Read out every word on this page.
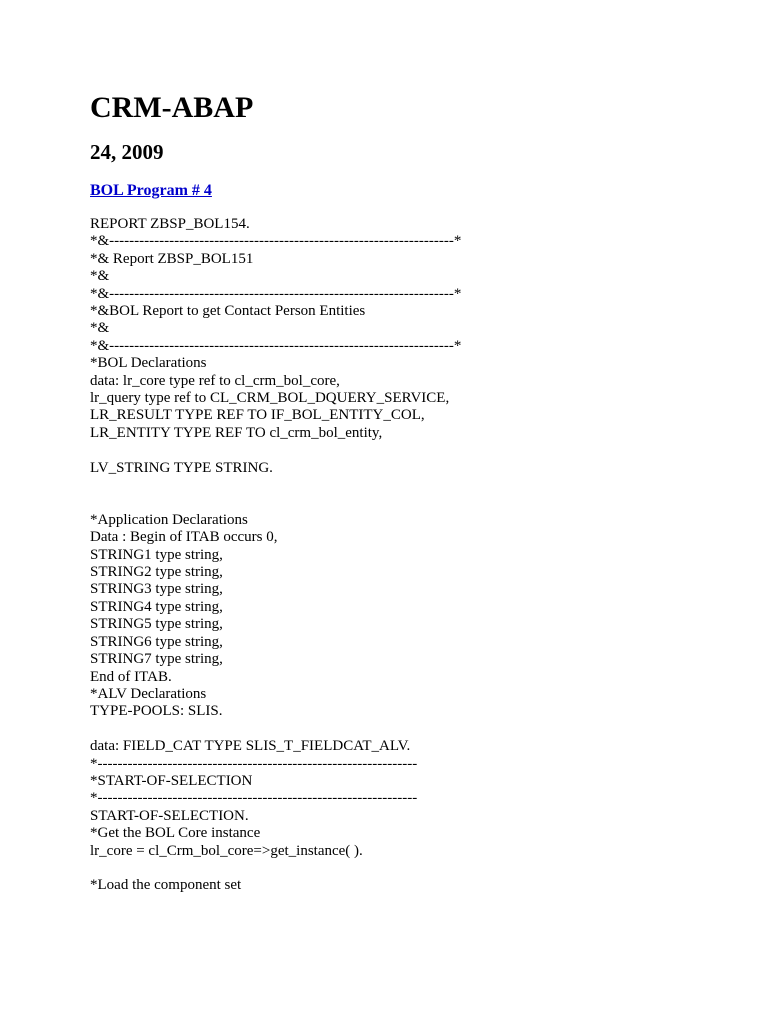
CRM-ABAP
24, 2009
BOL Program # 4
REPORT ZBSP_BOL154.
*&---------------------------------------------------------------------*
*& Report ZBSP_BOL151
*&
*&---------------------------------------------------------------------*
*&BOL Report to get Contact Person Entities
*&
*&---------------------------------------------------------------------*
*BOL Declarations
data: lr_core type ref to cl_crm_bol_core,
lr_query type ref to CL_CRM_BOL_DQUERY_SERVICE,
LR_RESULT TYPE REF TO IF_BOL_ENTITY_COL,
LR_ENTITY TYPE REF TO cl_crm_bol_entity,
LV_STRING TYPE STRING.
*Application Declarations
Data : Begin of ITAB occurs 0,
STRING1 type string,
STRING2 type string,
STRING3 type string,
STRING4 type string,
STRING5 type string,
STRING6 type string,
STRING7 type string,
End of ITAB.
*ALV Declarations
TYPE-POOLS: SLIS.
data: FIELD_CAT TYPE SLIS_T_FIELDCAT_ALV.
*----------------------------------------------------------------
*START-OF-SELECTION
*----------------------------------------------------------------
START-OF-SELECTION.
*Get the BOL Core instance
lr_core = cl_Crm_bol_core=>get_instance( ).
*Load the component set
